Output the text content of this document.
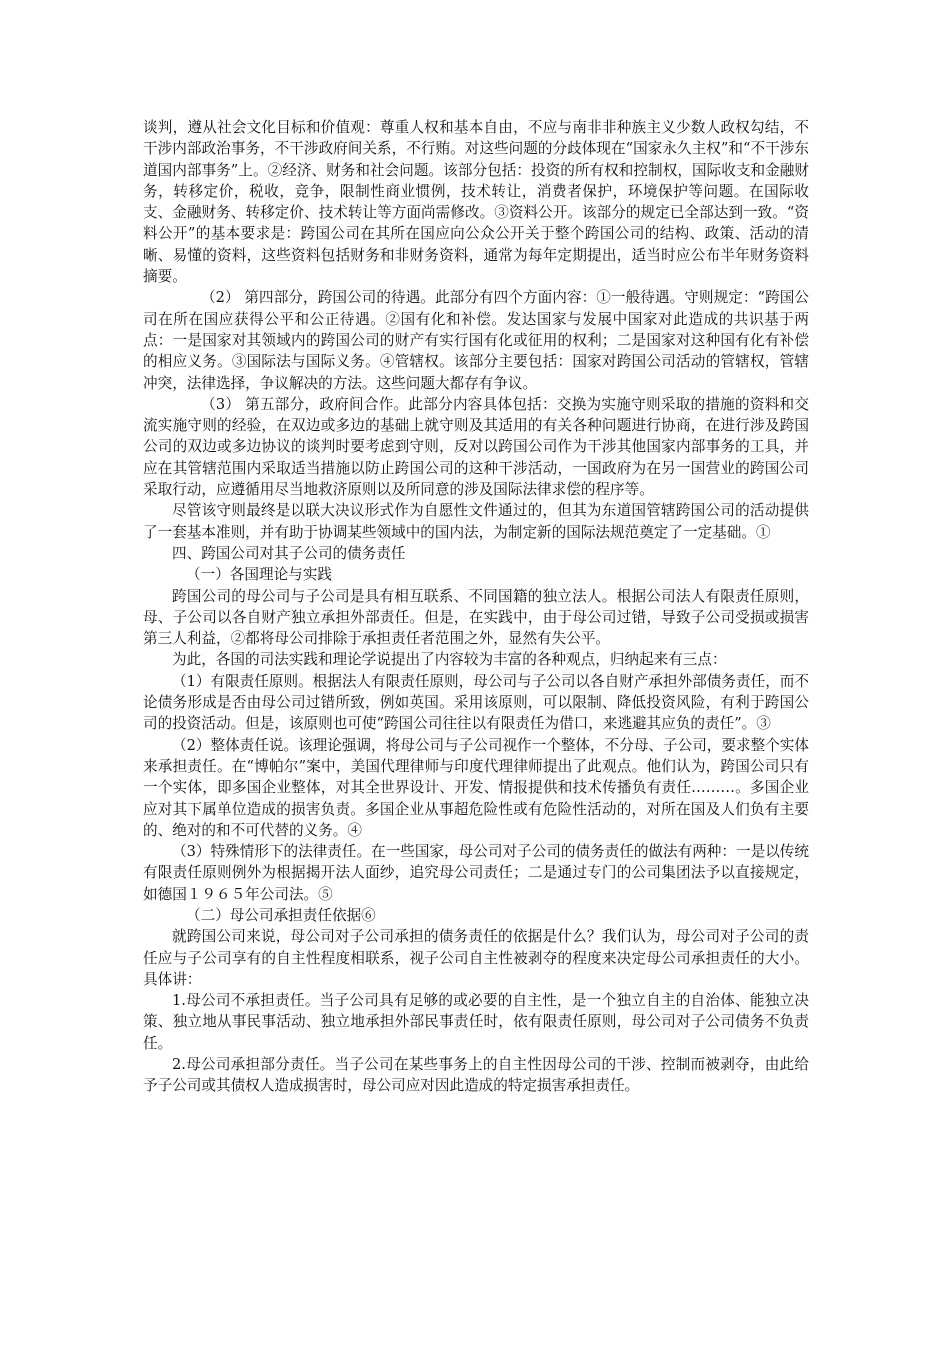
谈判，遵从社会文化目标和价值观：尊重人权和基本自由，不应与南非非种族主义少数人政权勾结，不干涉内部政治事务，不干涉政府间关系，不行贿。对这些问题的分歧体现在“国家永久主权”和“不干涉东道国内部事务”上。②经济、财务和社会问题。该部分包括：投资的所有权和控制权，国际收支和金融财务，转移定价，税收，竞争，限制性商业惯例，技术转让，消费者保护，环境保护等问题。在国际收支、金融财务、转移定价、技术转让等方面尚需修改。③资料公开。该部分的规定已全部达到一致。“资料公开”的基本要求是：跨国公司在其所在国应向公众公开关于整个跨国公司的结构、政策、活动的清晰、易懂的资料，这些资料包括财务和非财务资料，通常为每年定期提出，适当时应公布半年财务资料摘要。

（2） 第四部分，跨国公司的待遇。此部分有四个方面内容：①一般待遇。守则规定：“跨国公司在所在国应获得公平和公正待遇。②国有化和补偿。发达国家与发展中国家对此造成的共识基于两点：一是国家对其领域内的跨国公司的财产有实行国有化或征用的权利；二是国家对这种国有化有补偿的相应义务。③国际法与国际义务。④管辖权。该部分主要包括：国家对跨国公司活动的管辖权，管辖冲突，法律选择，争议解决的方法。这些问题大都存有争议。

（3） 第五部分，政府间合作。此部分内容具体包括：交换为实施守则采取的措施的资料和交流实施守则的经验，在双边或多边的基础上就守则及其适用的有关各种问题进行协商，在进行涉及跨国公司的双边或多边协议的谈判时要考虑到守则，反对以跨国公司作为干涉其他国家内部事务的工具，并应在其管辖范围内采取适当措施以防止跨国公司的这种干涉活动，一国政府为在另一国营业的跨国公司采取行动，应遵循用尽当地救济原则以及所同意的涉及国际法律求偿的程序等。

尽管该守则最终是以联大决议形式作为自愿性文件通过的，但其为东道国管辖跨国公司的活动提供了一套基本准则，并有助于协调某些领域中的国内法，为制定新的国际法规范奠定了一定基础。①

四、跨国公司对其子公司的债务责任

（一）各国理论与实践

跨国公司的母公司与子公司是具有相互联系、不同国籍的独立法人。根据公司法人有限责任原则，母、子公司以各自财产独立承担外部责任。但是，在实践中，由于母公司过错，导致子公司受损或损害第三人利益，②都将母公司排除于承担责任者范围之外，显然有失公平。

为此，各国的司法实践和理论学说提出了内容较为丰富的各种观点，归纳起来有三点：

（1）有限责任原则。根据法人有限责任原则，母公司与子公司以各自财产承担外部债务责任，而不论债务形成是否由母公司过错所致，例如英国。采用该原则，可以限制、降低投资风险，有利于跨国公司的投资活动。但是，该原则也可使“跨国公司往往以有限责任为借口，来逃避其应负的责任”。③

（2）整体责任说。该理论强调，将母公司与子公司视作一个整体，不分母、子公司，要求整个实体来承担责任。在“博帕尔”案中，美国代理律师与印度代理律师提出了此观点。他们认为，跨国公司只有一个实体，即多国企业整体，对其全世界设计、开发、情报提供和技术传播负有责任………。多国企业应对其下属单位造成的损害负责。多国企业从事超危险性或有危险性活动的，对所在国及人们负有主要的、绝对的和不可代替的义务。④

（3）特殊情形下的法律责任。在一些国家，母公司对子公司的债务责任的做法有两种：一是以传统有限责任原则例外为根据揭开法人面纱，追究母公司责任；二是通过专门的公司集团法予以直接规定，如德国１９６５年公司法。⑤

（二）母公司承担责任依据⑥

就跨国公司来说，母公司对子公司承担的债务责任的依据是什么？我们认为，母公司对子公司的责任应与子公司享有的自主性程度相联系，视子公司自主性被剥夺的程度来决定母公司承担责任的大小。具体讲：

1.母公司不承担责任。当子公司具有足够的或必要的自主性，是一个独立自主的自治体、能独立决策、独立地从事民事活动、独立地承担外部民事责任时，依有限责任原则，母公司对子公司债务不负责任。

2.母公司承担部分责任。当子公司在某些事务上的自主性因母公司的干涉、控制而被剥夺，由此给予子公司或其债权人造成损害时，母公司应对因此造成的特定损害承担责任。
